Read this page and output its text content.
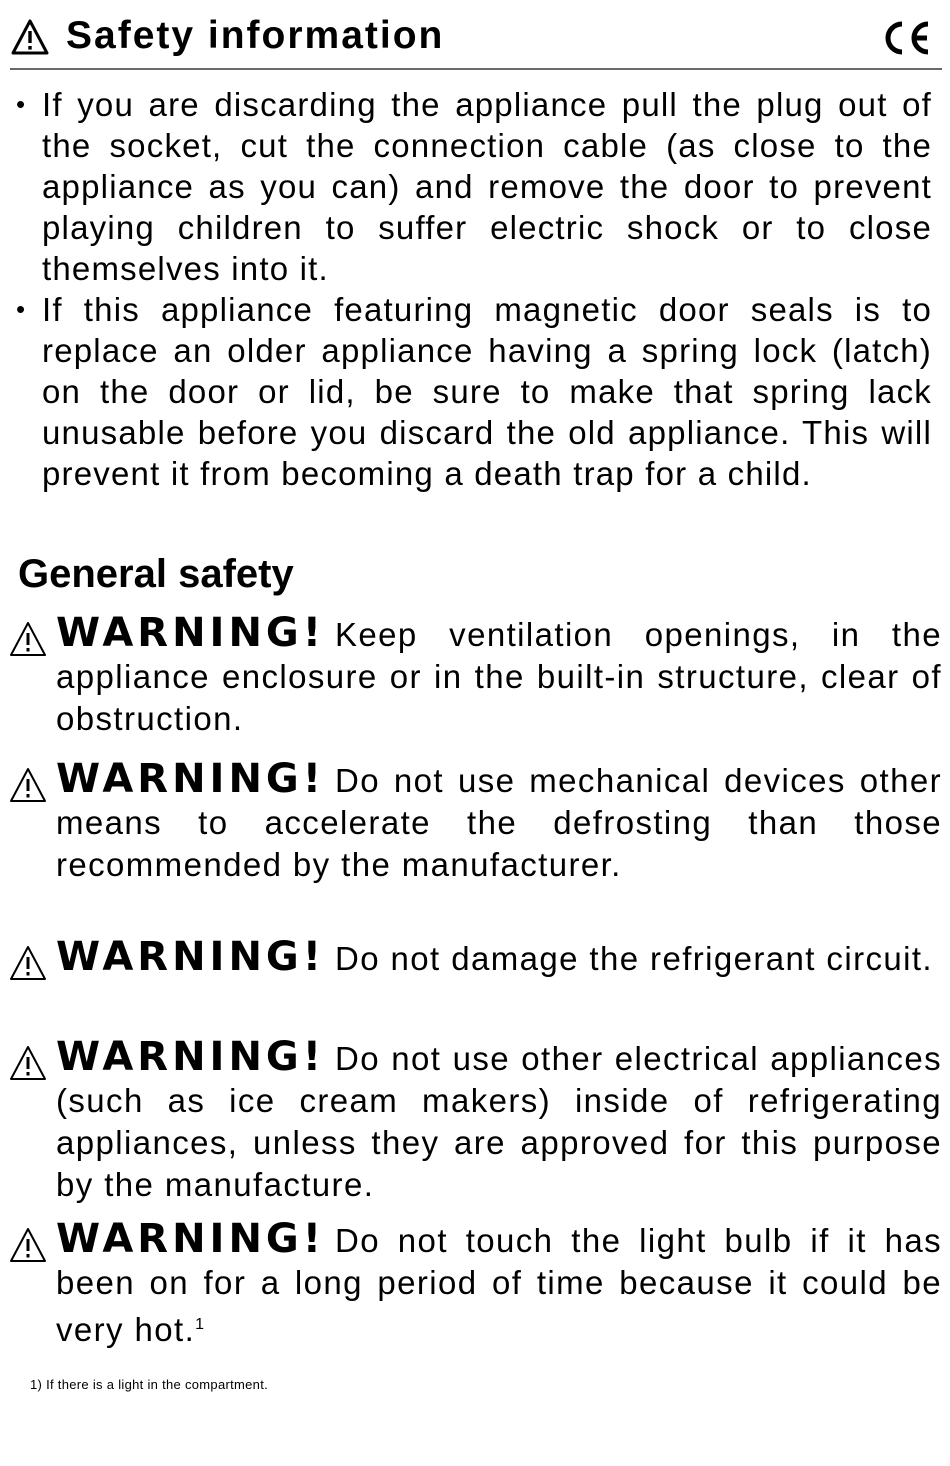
Safety information
• If you are discarding the appliance pull the plug out of the socket, cut the connection cable (as close to the appliance as you can) and remove the door to prevent playing children to suffer electric shock or to close themselves into it.
• If this appliance featuring magnetic door seals is to replace an older appliance having a spring lock (latch) on the door or lid, be sure to make that spring lack unusable before you discard the old appliance. This will prevent it from becoming a death trap for a child.
General safety
WARNING! Keep ventilation openings, in the appliance enclosure or in the built-in structure, clear of obstruction.
WARNING! Do not use mechanical devices other means to accelerate the defrosting than those recommended by the manufacturer.
WARNING! Do not damage the refrigerant circuit.
WARNING! Do not use other electrical appliances (such as ice cream makers) inside of refrigerating appliances, unless they are approved for this purpose by the manufacture.
WARNING! Do not touch the light bulb if it has been on for a long period of time because it could be very hot.$^1$
1) If there is a light in the compartment.
